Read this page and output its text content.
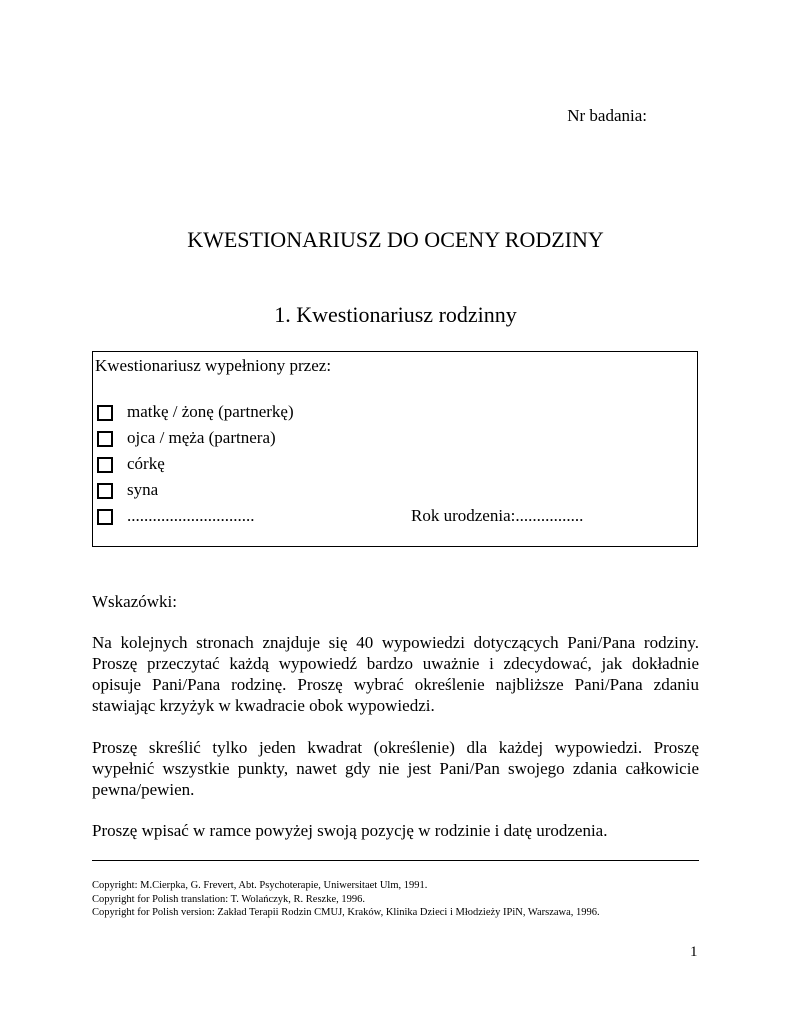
Nr badania:
KWESTIONARIUSZ DO OCENY RODZINY
1. Kwestionariusz rodzinny
Kwestionariusz wypełniony przez:
matkę / żonę (partnerkę)
ojca / męża (partnera)
córkę
syna
..............................	Rok urodzenia:................
Wskazówki:
Na kolejnych stronach znajduje się 40 wypowiedzi dotyczących Pani/Pana rodziny. Proszę przeczytać każdą wypowiedź bardzo uważnie i zdecydować, jak dokładnie opisuje Pani/Pana rodzinę. Proszę wybrać określenie najbliższe Pani/Pana zdaniu stawiając krzyżyk w kwadracie obok wypowiedzi.
Proszę skreślić tylko jeden kwadrat (określenie) dla każdej wypowiedzi. Proszę wypełnić wszystkie punkty, nawet gdy nie jest Pani/Pan swojego zdania całkowicie pewna/pewien.
Proszę wpisać w ramce powyżej swoją pozycję w rodzinie i datę urodzenia.
Copyright: M.Cierpka, G. Frevert, Abt. Psychoterapie, Uniwersitaet Ulm, 1991.
Copyright for Polish translation: T. Wolańczyk, R. Reszke, 1996.
Copyright for Polish version: Zakład Terapii Rodzin CMUJ, Kraków, Klinika Dzieci i Młodzieży IPiN, Warszawa, 1996.
1
